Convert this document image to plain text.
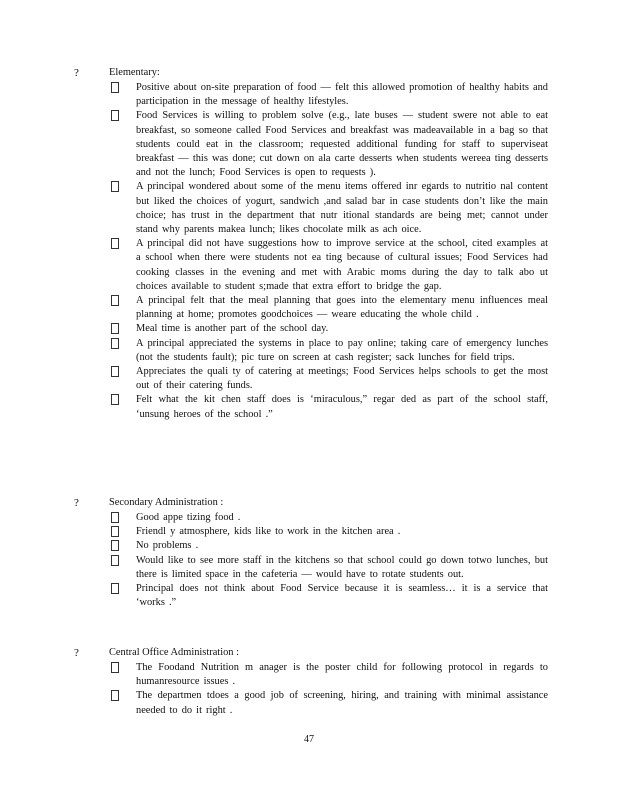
?	Elementary:
Positive about on-site preparation of food — felt this allowed promotion of healthy habits and participation in the message of healthy lifestyles.
Food Services is willing to problem solve (e.g., late buses — student swere not able to eat breakfast, so someone called Food Services and breakfast was madeavailable in a bag so that students could eat in the classroom; requested additional funding for staff to superviseat breakfast — this was done; cut down on ala carte desserts when students wereea ting desserts and not the lunch; Food Services is open to requests ).
A principal wondered about some of the menu items offered inr egards to nutritio nal content but liked the choices of yogurt, sandwich ,and salad bar in case students don’t like the main choice; has trust in the department that nutr itional standards are being met; cannot under stand why parents makea lunch; likes chocolate milk as ach oice.
A principal did not have suggestions how to improve service at the school, cited examples at a school when there were students not ea ting because of cultural issues; Food Services had cooking classes in the evening and met with Arabic moms during the day to talk abo ut choices available to student s;made that extra effort to bridge the gap.
A principal felt that the meal planning that goes into the elementary menu influences meal planning at home; promotes goodchoices — weare educating the whole child .
Meal time is another part of the school day.
A principal appreciated the systems in place to pay online; taking care of emergency lunches (not the students fault); pic ture on screen at cash register; sack lunches for field trips.
Appreciates the quali ty of catering at meetings; Food Services helps schools to get the most out of their catering funds.
Felt what the kit chen staff does is ‘miraculous,” regar ded as part of the school staff, ‘unsung heroes of the school .”
?	Secondary Administration :
Good appe tizing food .
Friendl y atmosphere, kids like to work in the kitchen area .
No problems .
Would like to see more staff in the kitchens so that school could go down totwo lunches, but there is limited space in the cafeteria — would have to rotate students out.
Principal does not think about Food Service because it is seamless… it is a service that ‘works .”
?	Central Office Administration :
The Foodand Nutrition m anager is the poster child for following protocol in regards to humanresource issues .
The departmen tdoes a good job of screening, hiring, and training with minimal assistance needed to do it right .
47
